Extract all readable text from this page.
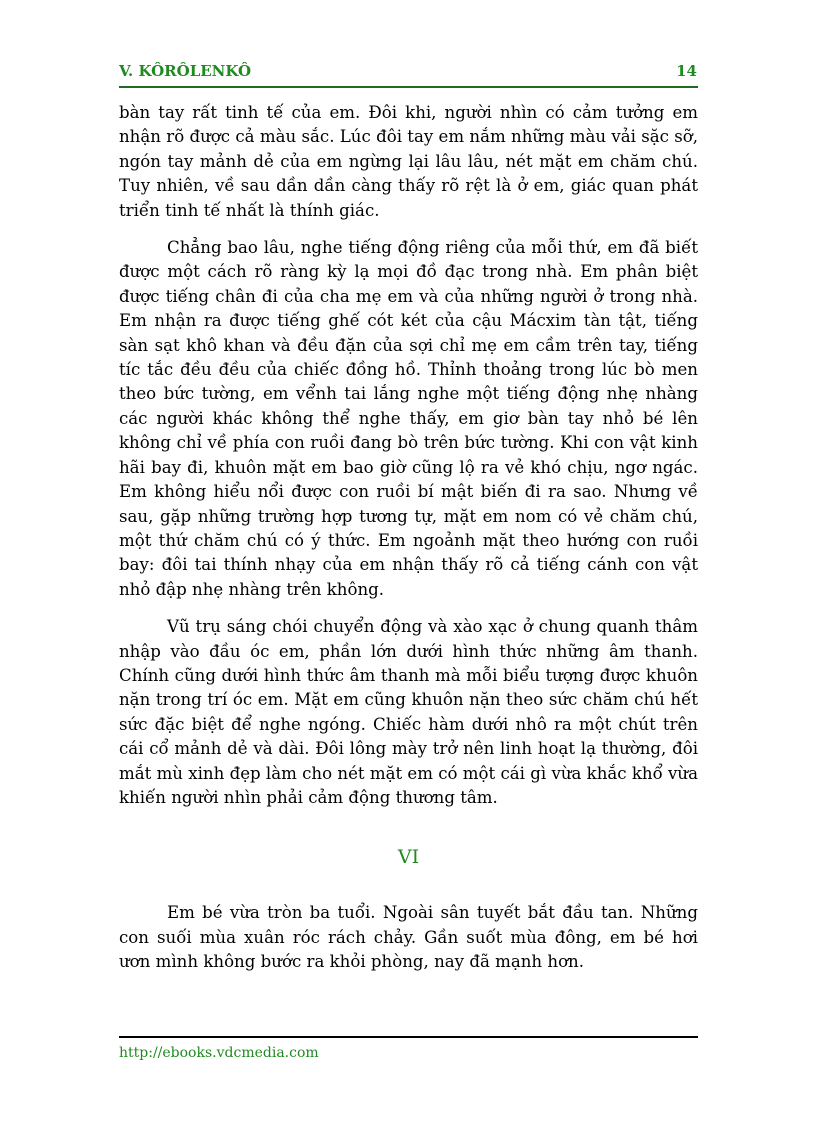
V. KÔRÔLENKÔ	14

bàn tay rất tinh tế của em. Đôi khi, người nhìn có cảm tưởng em nhận rõ được cả màu sắc. Lúc đôi tay em nắm những màu vải sặc sỡ, ngón tay mảnh dẻ của em ngừng lại lâu lâu, nét mặt em chăm chú. Tuy nhiên, về sau dần dần càng thấy rõ rệt là ở em, giác quan phát triển tinh tế nhất là thính giác.

Chẳng bao lâu, nghe tiếng động riêng của mỗi thứ, em đã biết được một cách rõ ràng kỳ lạ mọi đồ đạc trong nhà. Em phân biệt được tiếng chân đi của cha mẹ em và của những người ở trong nhà. Em nhận ra được tiếng ghế cót két của cậu Mácxim tàn tật, tiếng sàn sạt khô khan và đều đặn của sợi chỉ mẹ em cầm trên tay, tiếng tíc tắc đều đều của chiếc đồng hồ. Thỉnh thoảng trong lúc bò men theo bức tường, em vểnh tai lắng nghe một tiếng động nhẹ nhàng các người khác không thể nghe thấy, em giơ bàn tay nhỏ bé lên không chỉ về phía con ruồi đang bò trên bức tường. Khi con vật kinh hãi bay đi, khuôn mặt em bao giờ cũng lộ ra vẻ khó chịu, ngơ ngác. Em không hiểu nổi được con ruồi bí mật biến đi ra sao. Nhưng về sau, gặp những trường hợp tương tự, mặt em nom có vẻ chăm chú, một thứ chăm chú có ý thức. Em ngoảnh mặt theo hướng con ruồi bay: đôi tai thính nhạy của em nhận thấy rõ cả tiếng cánh con vật nhỏ đập nhẹ nhàng trên không.

Vũ trụ sáng chói chuyển động và xào xạc ở chung quanh thâm nhập vào đầu óc em, phần lớn dưới hình thức những âm thanh. Chính cũng dưới hình thức âm thanh mà mỗi biểu tượng được khuôn nặn trong trí óc em. Mặt em cũng khuôn nặn theo sức chăm chú hết sức đặc biệt để nghe ngóng. Chiếc hàm dưới nhô ra một chút trên cái cổ mảnh dẻ và dài. Đôi lông mày trở nên linh hoạt lạ thường, đôi mắt mù xinh đẹp làm cho nét mặt em có một cái gì vừa khắc khổ vừa khiến người nhìn phải cảm động thương tâm.

VI

Em bé vừa tròn ba tuổi. Ngoài sân tuyết bắt đầu tan. Những con suối mùa xuân róc rách chảy. Gần suốt mùa đông, em bé hơi ươn mình không bước ra khỏi phòng, nay đã mạnh hơn.

http://ebooks.vdcmedia.com
